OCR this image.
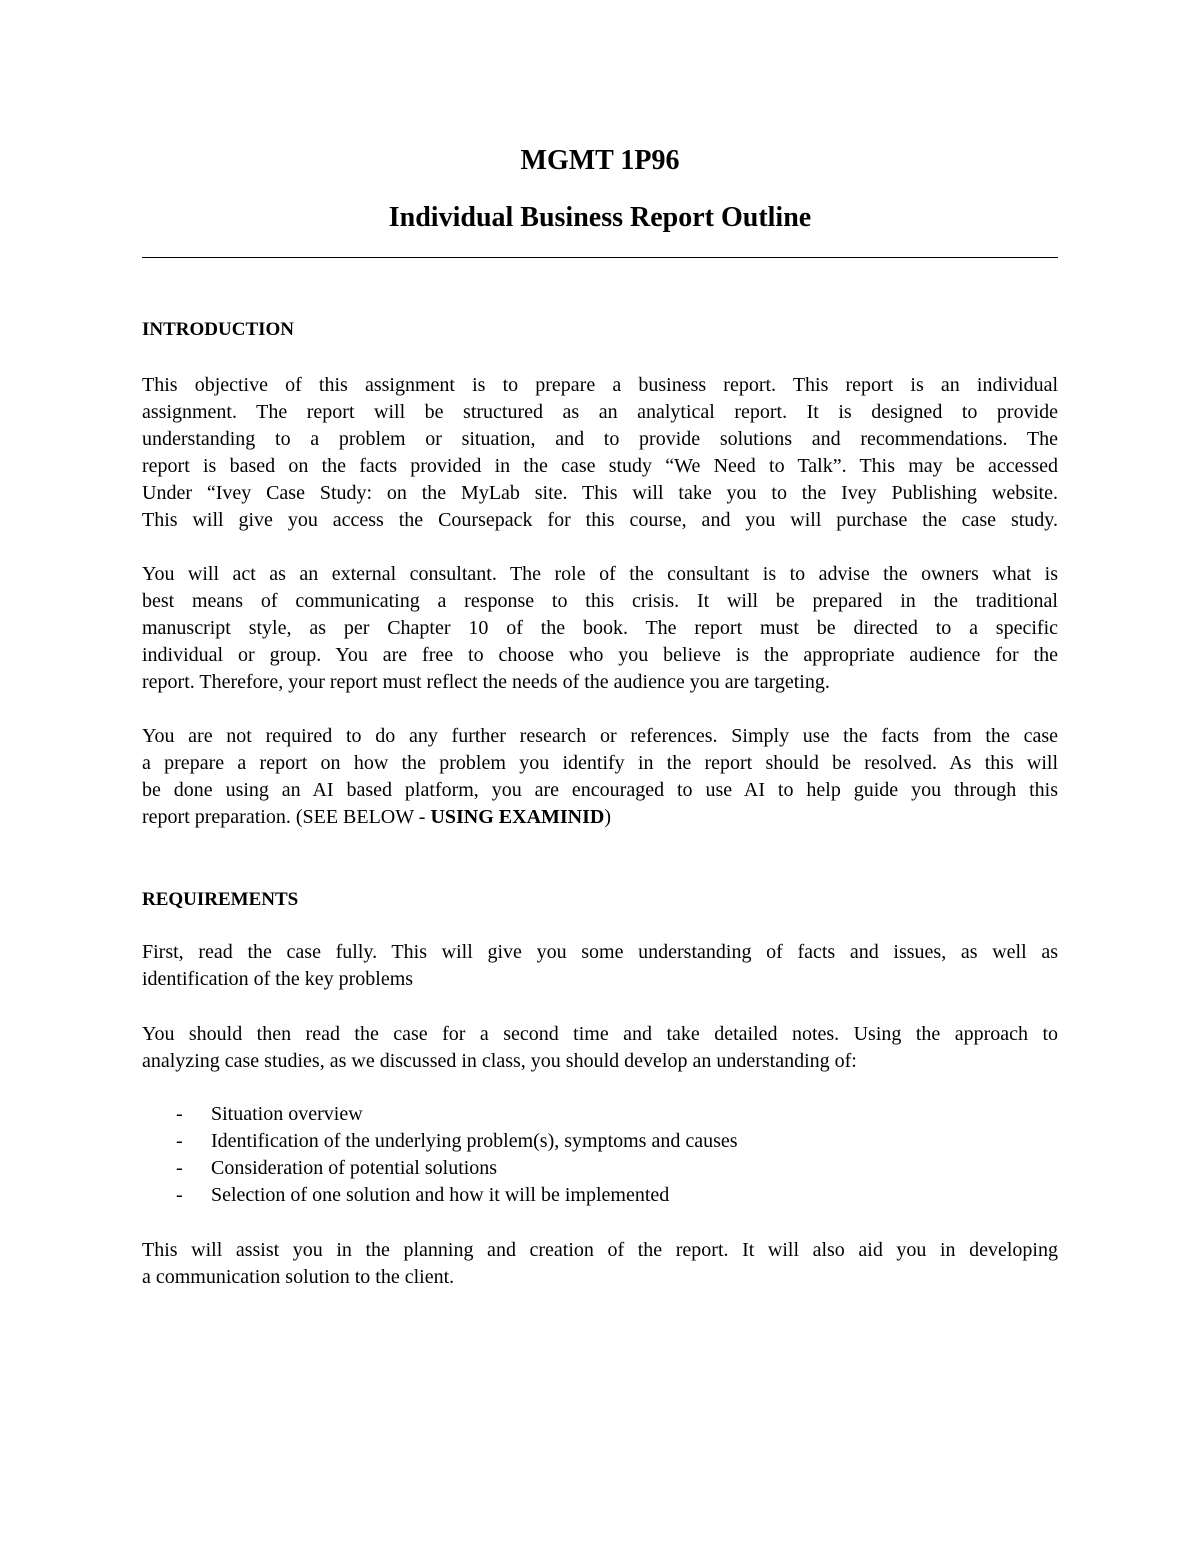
MGMT 1P96
Individual Business Report Outline
INTRODUCTION
This objective of this assignment is to prepare a business report. This report is an individual
assignment. The report will be structured as an analytical report. It is designed to provide
understanding to a problem or situation, and to provide solutions and recommendations. The
report is based on the facts provided in the case study “We Need to Talk”. This may be accessed
Under “Ivey Case Study: on the MyLab site. This will take you to the Ivey Publishing website.
This will give you access the Coursepack for this course, and you will purchase the case study.
You will act as an external consultant. The role of the consultant is to advise the owners what is
best means of communicating a response to this crisis. It will be prepared in the traditional
manuscript style, as per Chapter 10 of the book. The report must be directed to a specific
individual or group. You are free to choose who you believe is the appropriate audience for the
report. Therefore, your report must reflect the needs of the audience you are targeting.
You are not required to do any further research or references. Simply use the facts from the case
a prepare a report on how the problem you identify in the report should be resolved. As this will
be done using an AI based platform, you are encouraged to use AI to help guide you through this
report preparation. (SEE BELOW - USING EXAMINID)
REQUIREMENTS
First, read the case fully. This will give you some understanding of facts and issues, as well as
identification of the key problems
You should then read the case for a second time and take detailed notes. Using the approach to
analyzing case studies, as we discussed in class, you should develop an understanding of:
- Situation overview
- Identification of the underlying problem(s), symptoms and causes
- Consideration of potential solutions
- Selection of one solution and how it will be implemented
This will assist you in the planning and creation of the report. It will also aid you in developing
a communication solution to the client.
